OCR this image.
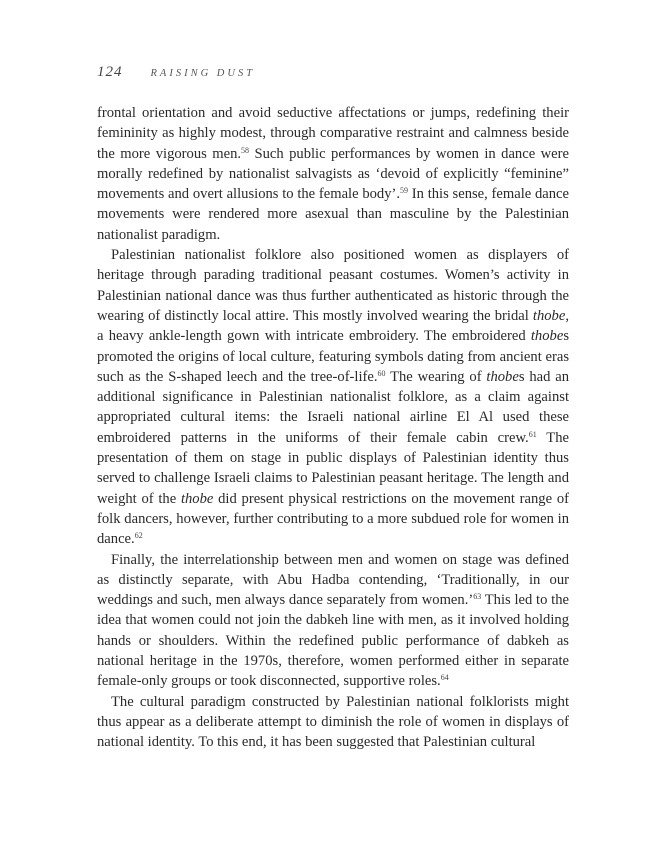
124	RAISING DUST

frontal orientation and avoid seductive affectations or jumps, redefining their femininity as highly modest, through comparative restraint and calmness beside the more vigorous men.$^{58}$ Such public performances by women in dance were morally redefined by nationalist salvagists as ‘devoid of explicitly “feminine” movements and overt allusions to the female body’.$^{59}$ In this sense, female dance movements were rendered more asexual than masculine by the Palestinian nationalist paradigm.

Palestinian nationalist folklore also positioned women as displayers of heritage through parading traditional peasant costumes. Women’s activity in Palestinian national dance was thus further authenticated as historic through the wearing of distinctly local attire. This mostly involved wearing the bridal thobe, a heavy ankle-length gown with intricate embroidery. The embroidered thobes promoted the origins of local culture, featuring symbols dating from ancient eras such as the S-shaped leech and the tree-of-life.$^{60}$ The wearing of thobes had an additional significance in Palestinian nationalist folklore, as a claim against appropriated cultural items: the Israeli national airline El Al used these embroidered patterns in the uniforms of their female cabin crew.$^{61}$ The presentation of them on stage in public displays of Palestinian identity thus served to challenge Israeli claims to Palestinian peasant heritage. The length and weight of the thobe did present physical restrictions on the movement range of folk dancers, however, further contributing to a more subdued role for women in dance.$^{62}$

Finally, the interrelationship between men and women on stage was defined as distinctly separate, with Abu Hadba contending, ‘Traditionally, in our weddings and such, men always dance separately from women.’$^{63}$ This led to the idea that women could not join the dabkeh line with men, as it involved holding hands or shoulders. Within the redefined public performance of dabkeh as national heritage in the 1970s, therefore, women performed either in separate female-only groups or took disconnected, supportive roles.$^{64}$

The cultural paradigm constructed by Palestinian national folklorists might thus appear as a deliberate attempt to diminish the role of women in displays of national identity. To this end, it has been suggested that Palestinian cultural
